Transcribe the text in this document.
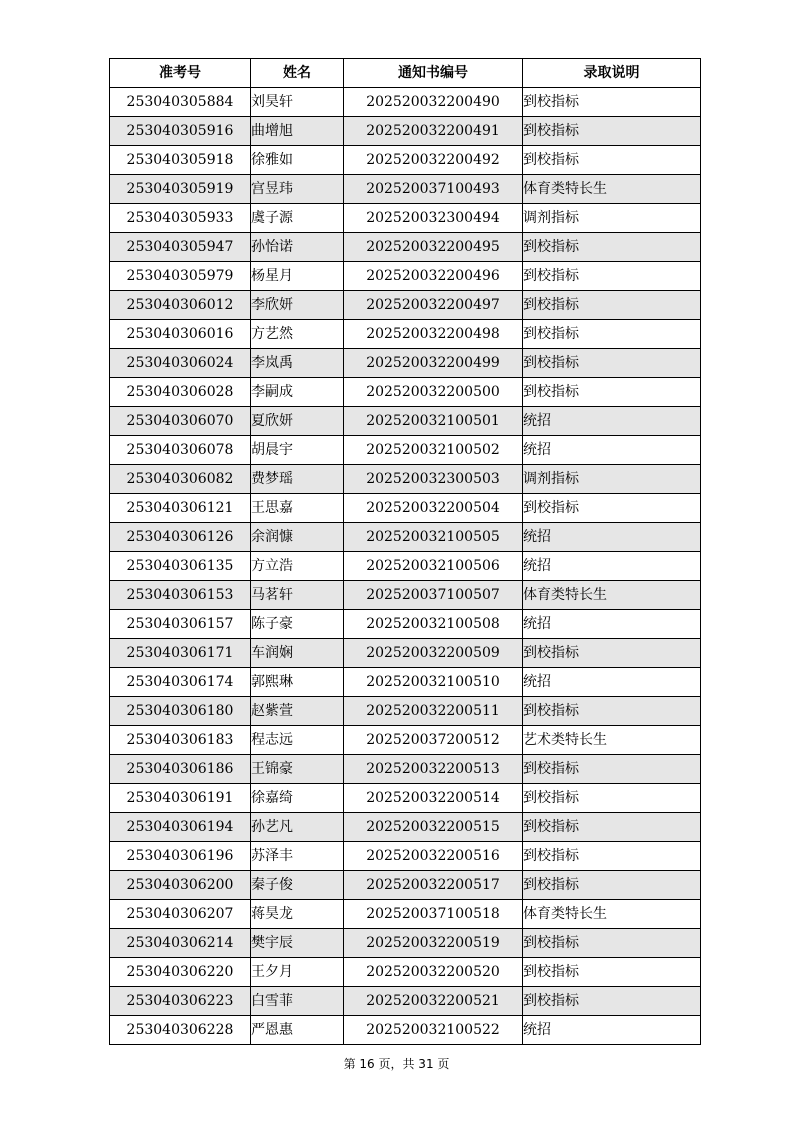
准考号	姓名	通知书编号	录取说明
253040305884	刘昊轩	202520032200490	到校指标
253040305916	曲增旭	202520032200491	到校指标
253040305918	徐雅如	202520032200492	到校指标
253040305919	宫昱玮	202520037100493	体育类特长生
253040305933	虞子源	202520032300494	调剂指标
253040305947	孙怡诺	202520032200495	到校指标
253040305979	杨星月	202520032200496	到校指标
253040306012	李欣妍	202520032200497	到校指标
253040306016	方艺然	202520032200498	到校指标
253040306024	李岚禹	202520032200499	到校指标
253040306028	李嗣成	202520032200500	到校指标
253040306070	夏欣妍	202520032100501	统招
253040306078	胡晨宇	202520032100502	统招
253040306082	费梦瑶	202520032300503	调剂指标
253040306121	王思嘉	202520032200504	到校指标
253040306126	余润慷	202520032100505	统招
253040306135	方立浩	202520032100506	统招
253040306153	马茗轩	202520037100507	体育类特长生
253040306157	陈子豪	202520032100508	统招
253040306171	车润娴	202520032200509	到校指标
253040306174	郭熙琳	202520032100510	统招
253040306180	赵紫萱	202520032200511	到校指标
253040306183	程志远	202520037200512	艺术类特长生
253040306186	王锦豪	202520032200513	到校指标
253040306191	徐嘉绮	202520032200514	到校指标
253040306194	孙艺凡	202520032200515	到校指标
253040306196	苏泽丰	202520032200516	到校指标
253040306200	秦子俊	202520032200517	到校指标
253040306207	蒋昊龙	202520037100518	体育类特长生
253040306214	樊宇辰	202520032200519	到校指标
253040306220	王夕月	202520032200520	到校指标
253040306223	白雪菲	202520032200521	到校指标
253040306228	严恩惠	202520032100522	统招
第 16 页，共 31 页
